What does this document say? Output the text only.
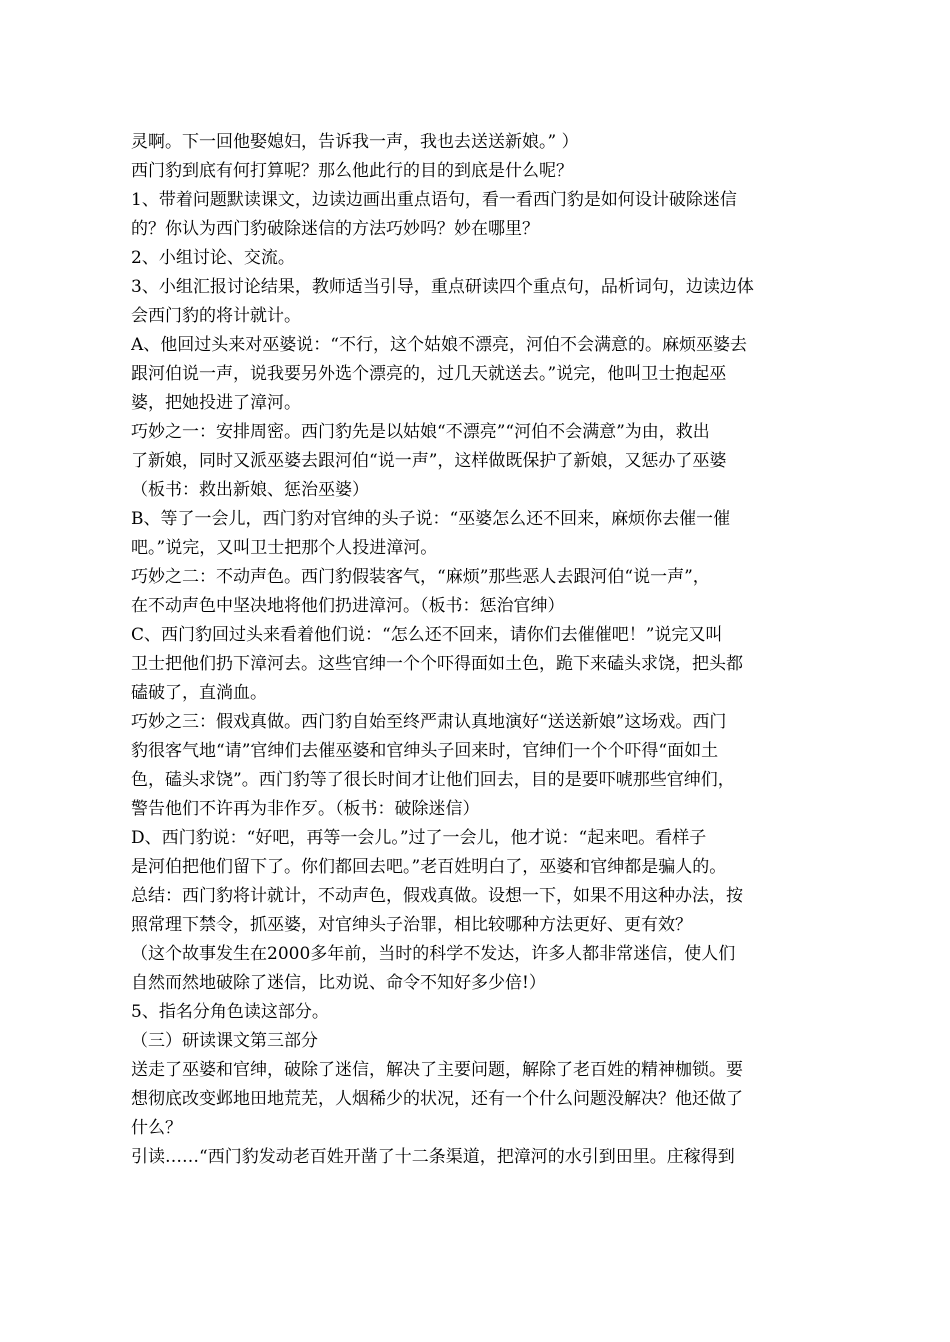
灵啊。下一回他娶媳妇，告诉我一声，我也去送送新娘。” ）
西门豹到底有何打算呢？那么他此行的目的到底是什么呢？
1、带着问题默读课文，边读边画出重点语句，看一看西门豹是如何设计破除迷信
的？你认为西门豹破除迷信的方法巧妙吗？妙在哪里？
2、小组讨论、交流。
3、小组汇报讨论结果，教师适当引导，重点研读四个重点句，品析词句，边读边体
会西门豹的将计就计。
A、他回过头来对巫婆说：“不行，这个姑娘不漂亮，河伯不会满意的。麻烦巫婆去
跟河伯说一声，说我要另外选个漂亮的，过几天就送去。”说完，他叫卫士抱起巫
婆，把她投进了漳河。
巧妙之一：安排周密。西门豹先是以姑娘“不漂亮”“河伯不会满意”为由，救出
了新娘，同时又派巫婆去跟河伯“说一声”，这样做既保护了新娘，又惩办了巫婆
（板书：救出新娘、惩治巫婆）
B、等了一会儿，西门豹对官绅的头子说：“巫婆怎么还不回来，麻烦你去催一催
吧。”说完，又叫卫士把那个人投进漳河。
巧妙之二：不动声色。西门豹假装客气，“麻烦”那些恶人去跟河伯“说一声”，
在不动声色中坚决地将他们扔进漳河。（板书：惩治官绅）
C、西门豹回过头来看着他们说：“怎么还不回来，请你们去催催吧！”说完又叫
卫士把他们扔下漳河去。这些官绅一个个吓得面如土色，跪下来磕头求饶，把头都
磕破了，直淌血。
巧妙之三：假戏真做。西门豹自始至终严肃认真地演好“送送新娘”这场戏。西门
豹很客气地“请”官绅们去催巫婆和官绅头子回来时，官绅们一个个吓得“面如土
色，磕头求饶”。西门豹等了很长时间才让他们回去，目的是要吓唬那些官绅们，
警告他们不许再为非作歹。（板书：破除迷信）
D、西门豹说：“好吧，再等一会儿。”过了一会儿，他才说：“起来吧。看样子
是河伯把他们留下了。你们都回去吧。”老百姓明白了，巫婆和官绅都是骗人的。
总结：西门豹将计就计，不动声色，假戏真做。设想一下，如果不用这种办法，按
照常理下禁令，抓巫婆，对官绅头子治罪，相比较哪种方法更好、更有效？
（这个故事发生在2000多年前，当时的科学不发达，许多人都非常迷信，使人们
自然而然地破除了迷信，比劝说、命令不知好多少倍!）
5、指名分角色读这部分。
（三）研读课文第三部分
送走了巫婆和官绅，破除了迷信，解决了主要问题，解除了老百姓的精神枷锁。要
想彻底改变邺地田地荒芜，人烟稀少的状况，还有一个什么问题没解决？他还做了
什么？
引读……“西门豹发动老百姓开凿了十二条渠道，把漳河的水引到田里。庄稼得到
